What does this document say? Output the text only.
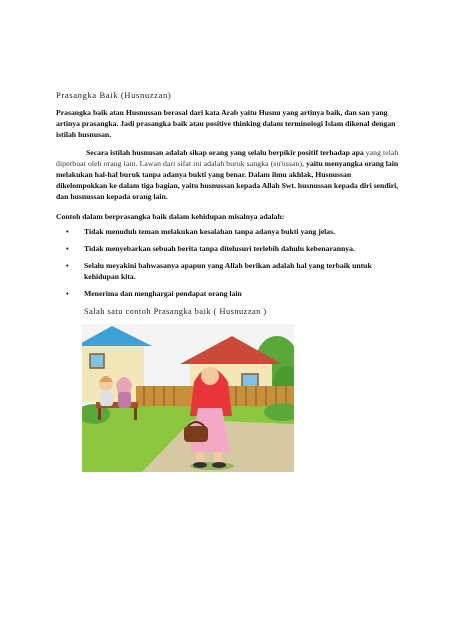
Prasangka Baik (Husnuzzan)
Prasangka baik atau Husnussan berasal dari kata Arab yaitu Husnu yang artinya baik, dan san yang artinya prasangka. Jadi prasangka baik atau positive thinking dalam terminologi Islam dikenal dengan istilah husnusan.
Secara istilah husnusan adalah sikap orang yang selalu berpikir positif terhadap apa yang telah diperbuat oleh orang lain. Lawan dari sifat ini adalah buruk sangka (su'ussan), yaitu menyangka orang lain melakukan hal-hal buruk tanpa adanya bukti yang benar. Dalam ilmu akhlak, Husnussan dikelompokkan ke dalam tiga bagian, yaitu husnussan kepada Allah Swt. husnussan kepada diri sendiri, dan husnussan kepada orang lain.
Contoh dalam berprasangka baik dalam kehidupan misalnya adalah:
• Tidak menuduh teman melakukan kesalahan tanpa adanya bukti yang jelas.
• Tidak menyebarkan sebuah berita tanpa ditelusuri terlebih dahulu kebenarannya.
• Selalu meyakini bahwasanya apapun yang Allah berikan adalah hal yang terbaik untuk kehidupan kita.
• Menerima dan menghargai pendapat orang lain
Salah satu contoh Prasangka baik ( Husnuzzan )
